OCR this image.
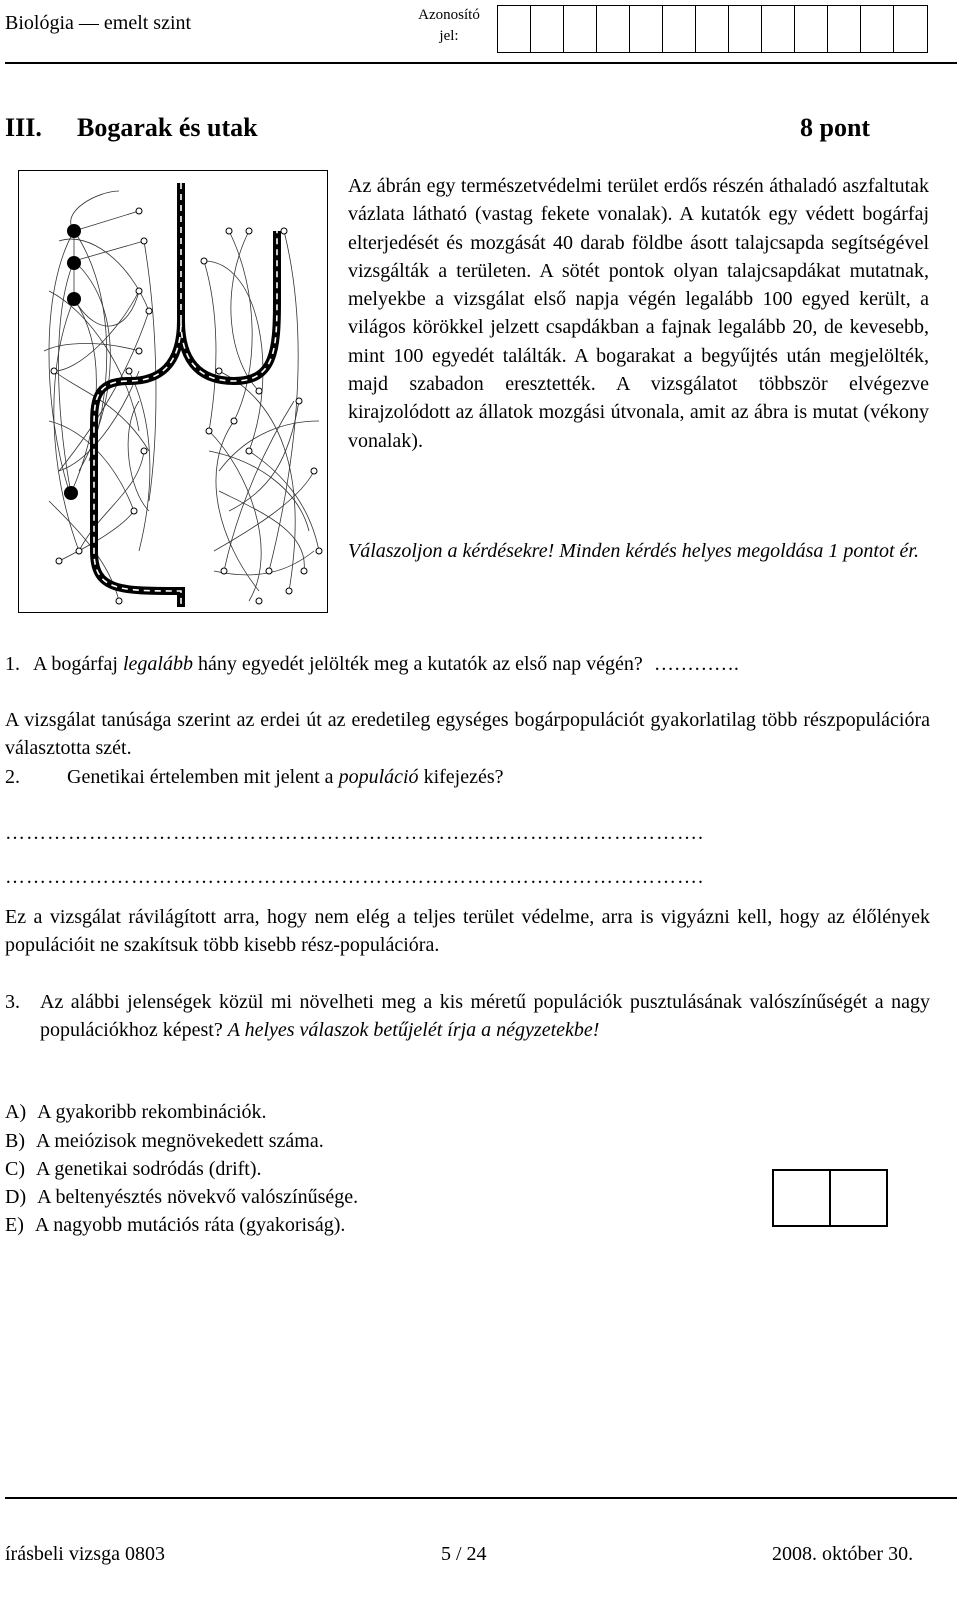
Biológia — emelt szint	Azonosító
jel:
III. Bogarak és utak	8 pont
Az ábrán egy természetvédelmi terület erdős részén áthaladó aszfaltutak vázlata látható (vastag fekete vonalak). A kutatók egy védett bogárfaj elterjedését és mozgását 40 darab földbe ásott talajcsapda segítségével vizsgálták a területen. A sötét pontok olyan talajcsapdákat mutatnak, melyekbe a vizsgálat első napja végén legalább 100 egyed került, a világos körökkel jelzett csapdákban a fajnak legalább 20, de kevesebb, mint 100 egyedét találták. A bogarakat a begyűjtés után megjelölték, majd szabadon eresztették. A vizsgálatot többször elvégezve kirajzolódott az állatok mozgási útvonala, amit az ábra is mutat (vékony vonalak).
Válaszoljon a kérdésekre! Minden kérdés helyes megoldása 1 pontot ér.
1. A bogárfaj legalább hány egyedét jelölték meg a kutatók az első nap végén? ………….
A vizsgálat tanúsága szerint az erdei út az eredetileg egységes bogárpopulációt gyakorlatilag több részpopulációra választotta szét.
2. Genetikai értelemben mit jelent a populáció kifejezés?
……………………………………………………………………………………….
……………………………………………………………………………………….
Ez a vizsgálat rávilágított arra, hogy nem elég a teljes terület védelme, arra is vigyázni kell, hogy az élőlények populációit ne szakítsuk több kisebb rész-populációra.
3.	Az alábbi jelenségek közül mi növelheti meg a kis méretű populációk pusztulásának valószínűségét a nagy populációkhoz képest? A helyes válaszok betűjelét írja a négyzetekbe!
A) A gyakoribb rekombinációk.
B) A meiózisok megnövekedett száma.
C) A genetikai sodródás (drift).
D) A beltenyésztés növekvő valószínűsége.
E) A nagyobb mutációs ráta (gyakoriság).
írásbeli vizsga 0803	5 / 24	2008. október 30.
